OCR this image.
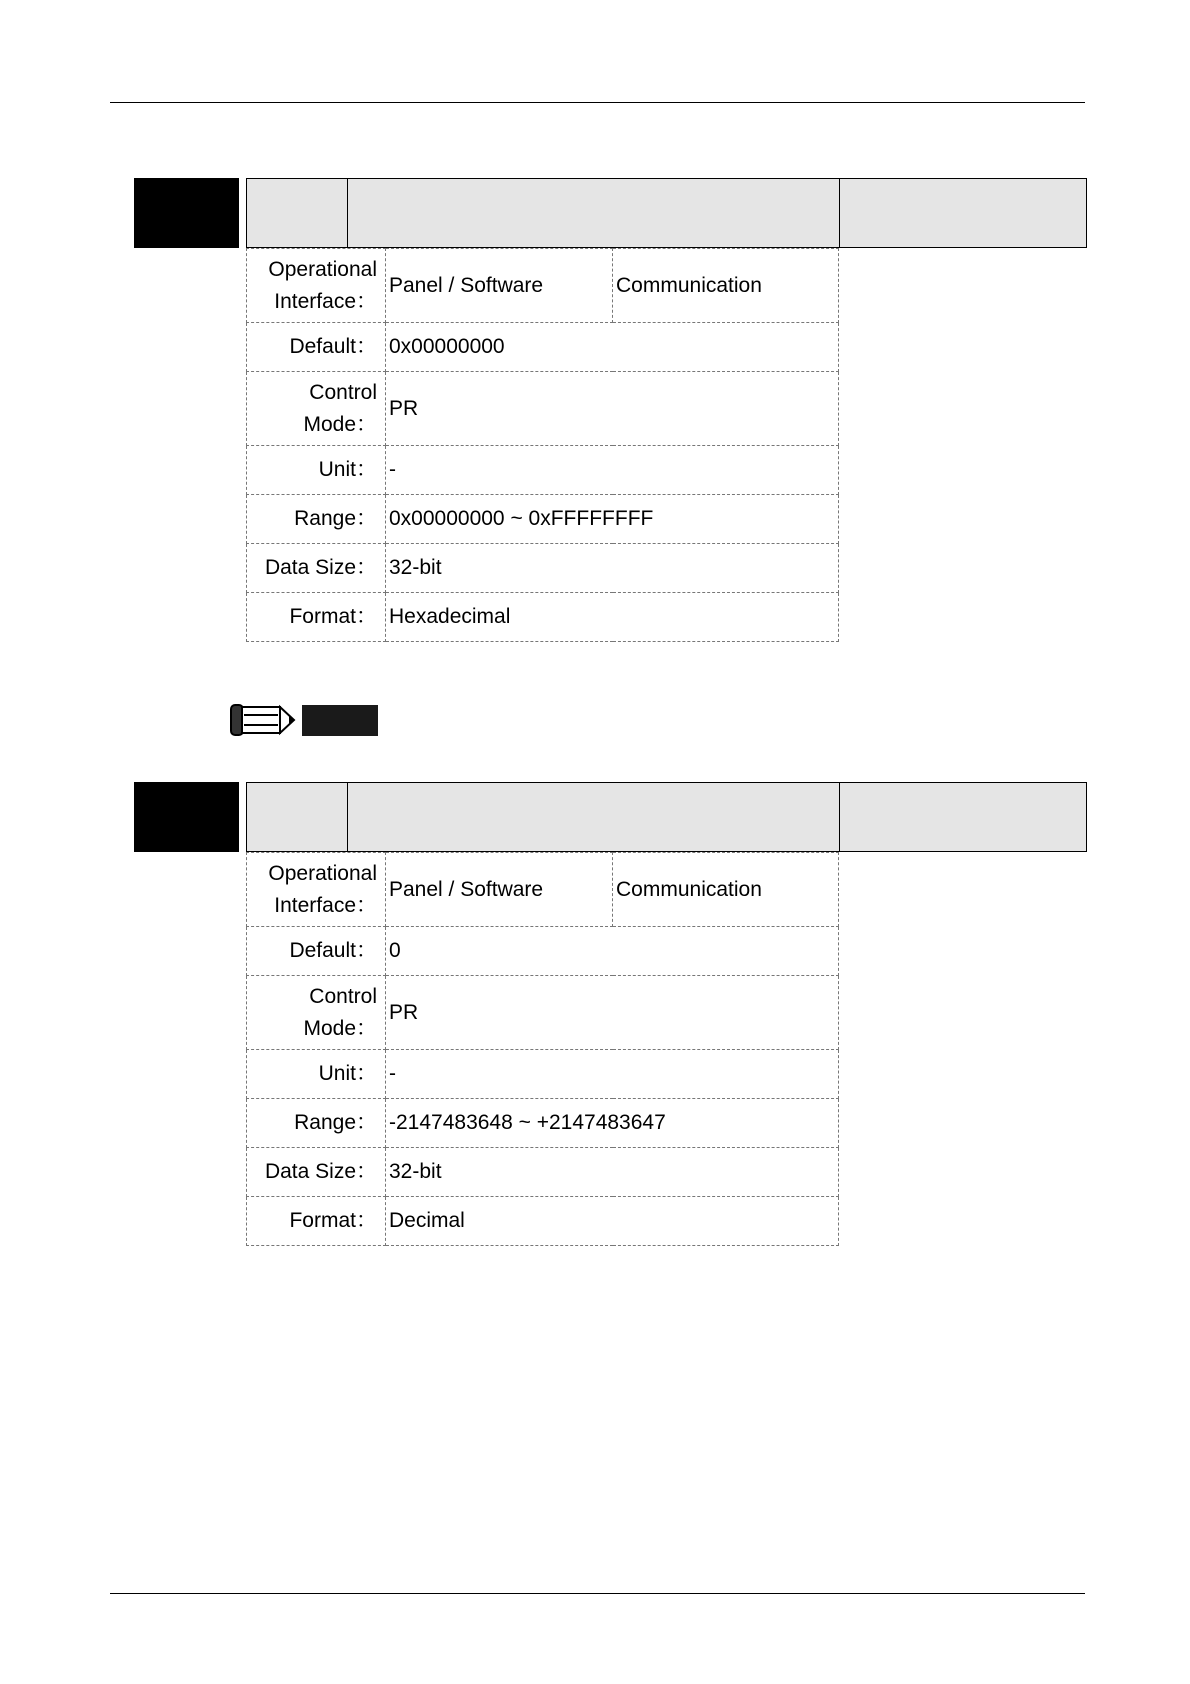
Operational Interface：	Panel / Software	Communication
Default：	0x00000000	
Control Mode：	PR	
Unit：	-	
Range：	0x00000000 ~ 0xFFFFFFFF	
Data Size：	32-bit	
Format：	Hexadecimal	
Operational Interface：	Panel / Software	Communication
Default：	0	
Control Mode：	PR	
Unit：	-	
Range：	-2147483648 ~ +2147483647	
Data Size：	32-bit	
Format：	Decimal	
